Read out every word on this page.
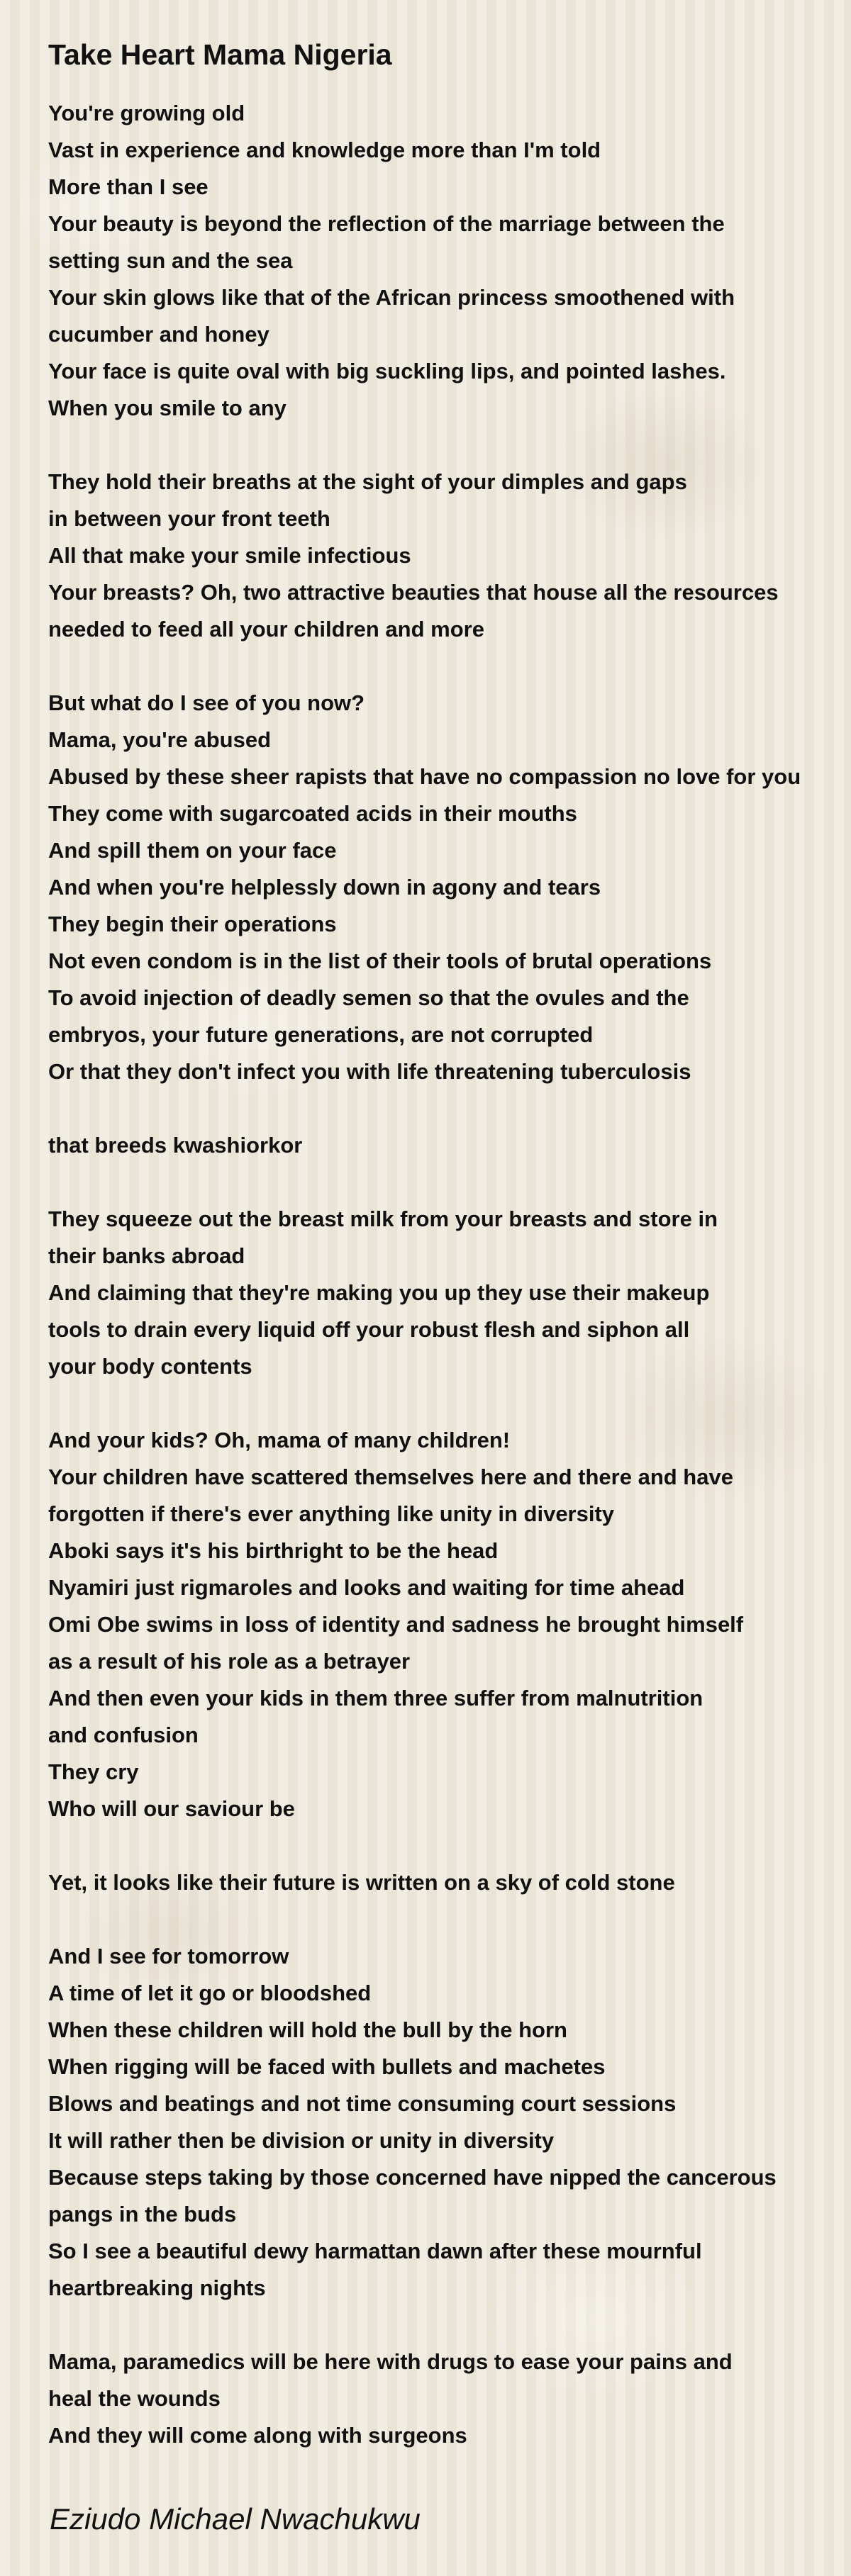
Take Heart Mama Nigeria
You're growing old
Vast in experience and knowledge more than I'm told
More than I see
Your beauty is beyond the reflection of the marriage between the
setting sun and the sea
Your skin glows like that of the African princess smoothened with
cucumber and honey
Your face is quite oval with big suckling lips, and pointed lashes.
When you smile to any
They hold their breaths at the sight of your dimples and gaps
in between your front teeth
All that make your smile infectious
Your breasts? Oh, two attractive beauties that house all the resources
needed to feed all your children and more
But what do I see of you now?
Mama, you're abused
Abused by these sheer rapists that have no compassion no love for you
They come with sugarcoated acids in their mouths
And spill them on your face
And when you're helplessly down in agony and tears
They begin their operations
Not even condom is in the list of their tools of brutal operations
To avoid injection of deadly semen so that the ovules and the
embryos, your future generations, are not corrupted
Or that they don't infect you with life threatening tuberculosis
that breeds kwashiorkor
They squeeze out the breast milk from your breasts and store in
their banks abroad
And claiming that they're making you up they use their makeup
tools to drain every liquid off your robust flesh and siphon all
your body contents
And your kids? Oh, mama of many children!
Your children have scattered themselves here and there and have
forgotten if there's ever anything like unity in diversity
Aboki says it's his birthright to be the head
Nyamiri just rigmaroles and looks and waiting for time ahead
Omi Obe swims in loss of identity and sadness he brought himself
as a result of his role as a betrayer
And then even your kids in them three suffer from malnutrition
and confusion
They cry
Who will our saviour be
Yet, it looks like their future is written on a sky of cold stone
And I see for tomorrow
A time of let it go or bloodshed
When these children will hold the bull by the horn
When rigging will be faced with bullets and machetes
Blows and beatings and not time consuming court sessions
It will rather then be division or unity in diversity
Because steps taking by those concerned have nipped the cancerous
pangs in the buds
So I see a beautiful dewy harmattan dawn after these mournful
heartbreaking nights
Mama, paramedics will be here with drugs to ease your pains and
heal the wounds
And they will come along with surgeons
Eziudo Michael Nwachukwu
